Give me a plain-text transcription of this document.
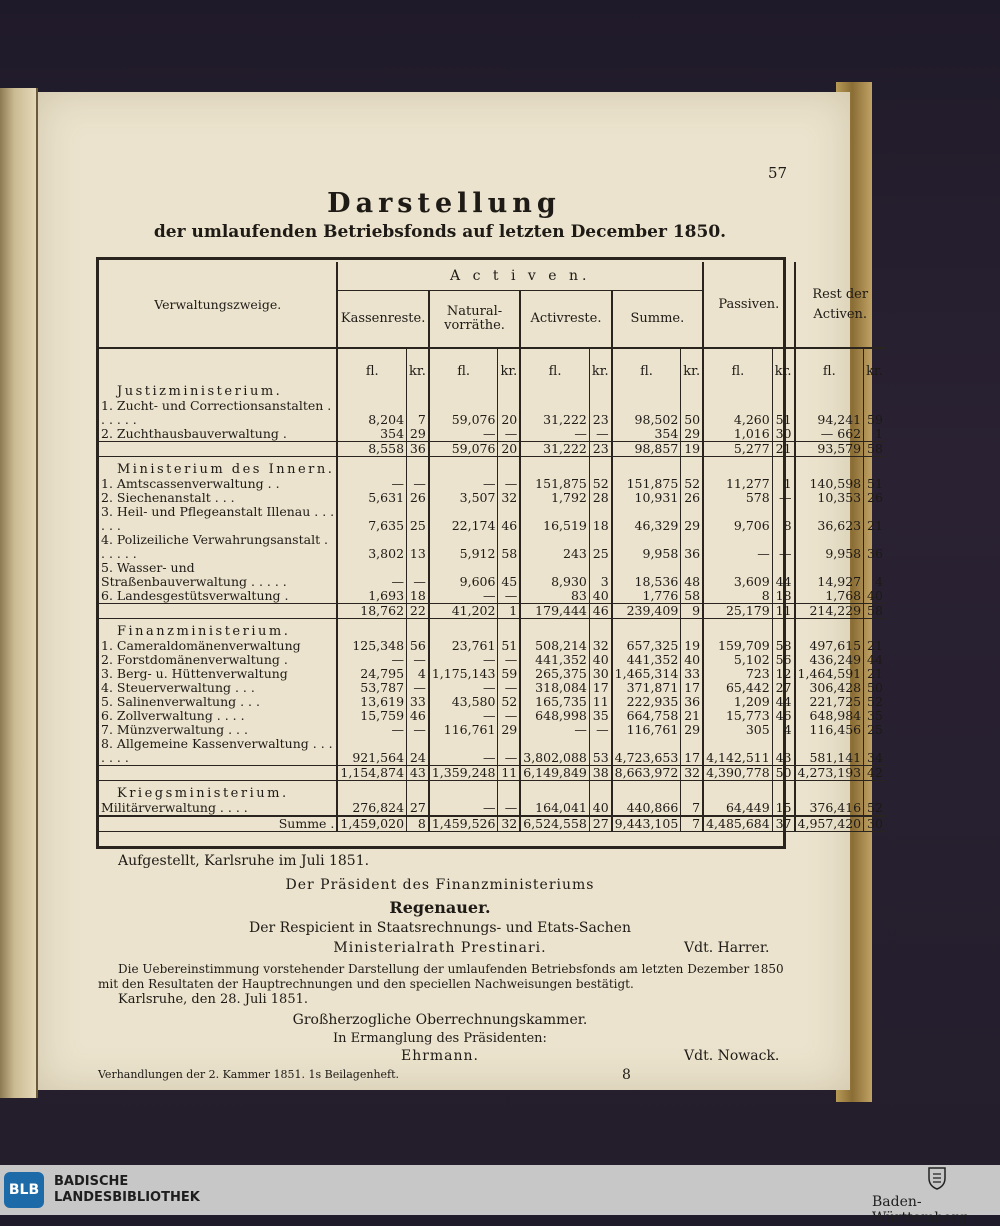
57
Darstellung
der umlaufenden Betriebsfonds auf letzten December 1850.
Verwaltungszweige.	A c t i v e n.								Passiven.		Rest der Activen.	
	Kassenreste.		Natural-vorräthe.		Activreste.		Summe.					
	fl.	kr.	fl.	kr.	fl.	kr.	fl.	kr.	fl.	kr.	fl.	kr.
Justizministerium.												
1. Zucht- und Correctionsanstalten . . . . . .	8,204	7	59,076	20	31,222	23	98,502	50	4,260	51	94,241	59
2. Zuchthausbauverwaltung .	354	29	—	—	—	—	354	29	1,016	30	— 662	1
	8,558	36	59,076	20	31,222	23	98,857	19	5,277	21	93,579	58
Ministerium des Innern.												
1. Amtscassenverwaltung . .	—	—	—	—	151,875	52	151,875	52	11,277	1	140,598	51
2. Siechenanstalt . . .	5,631	26	3,507	32	1,792	28	10,931	26	578	—	10,353	26
3. Heil- und Pflegeanstalt Illenau . . . . . .	7,635	25	22,174	46	16,519	18	46,329	29	9,706	8	36,623	21
4. Polizeiliche Verwahrungsanstalt . . . . . .	3,802	13	5,912	58	243	25	9,958	36	—	—	9,958	36
5. Wasser- und Straßenbauverwaltung . . . . .	—	—	9,606	45	8,930	3	18,536	48	3,609	44	14,927	4
6. Landesgestütsverwaltung .	1,693	18	—	—	83	40	1,776	58	8	18	1,768	40
	18,762	22	41,202	1	179,444	46	239,409	9	25,179	11	214,229	58
Finanzministerium.												
1. Cameraldomänenverwaltung	125,348	56	23,761	51	508,214	32	657,325	19	159,709	58	497,615	21
2. Forstdomänenverwaltung .	—	—	—	—	441,352	40	441,352	40	5,102	56	436,249	44
3. Berg- u. Hüttenverwaltung	24,795	4	1,175,143	59	265,375	30	1,465,314	33	723	12	1,464,591	21
4. Steuerverwaltung . . .	53,787	—	—	—	318,084	17	371,871	17	65,442	27	306,428	50
5. Salinenverwaltung . . .	13,619	33	43,580	52	165,735	11	222,935	36	1,209	44	221,725	52
6. Zollverwaltung . . . .	15,759	46	—	—	648,998	35	664,758	21	15,773	46	648,984	35
7. Münzverwaltung . . .	—	—	116,761	29	—	—	116,761	29	305	4	116,456	25
8. Allgemeine Kassenverwaltung . . . . . . .	921,564	24	—	—	3,802,088	53	4,723,653	17	4,142,511	43	581,141	34
	1,154,874	43	1,359,248	11	6,149,849	38	8,663,972	32	4,390,778	50	4,273,193	42
Kriegsministerium.												
Militärverwaltung . . . .	276,824	27	—	—	164,041	40	440,866	7	64,449	15	376,416	52
Summe .	1,459,020	8	1,459,526	32	6,524,558	27	9,443,105	7	4,485,684	37	4,957,420	30
Aufgestellt, Karlsruhe im Juli 1851.
Der Präsident des Finanzministeriums
Regenauer.
Der Respicient in Staatsrechnungs- und Etats-Sachen
Ministerialrath Prestinari.	Vdt. Harrer.
Die Uebereinstimmung vorstehender Darstellung der umlaufenden Betriebsfonds am letzten Dezember 1850 mit den Resultaten der Hauptrechnungen und den speciellen Nachweisungen bestätigt.
Karlsruhe, den 28. Juli 1851.
Großherzogliche Oberrechnungskammer.
In Ermanglung des Präsidenten:
Ehrmann.	Vdt. Nowack.
Verhandlungen der 2. Kammer 1851. 1s Beilagenheft.	8
BLB
BADISCHE
LANDESBIBLIOTHEK	Baden-Württemberg
